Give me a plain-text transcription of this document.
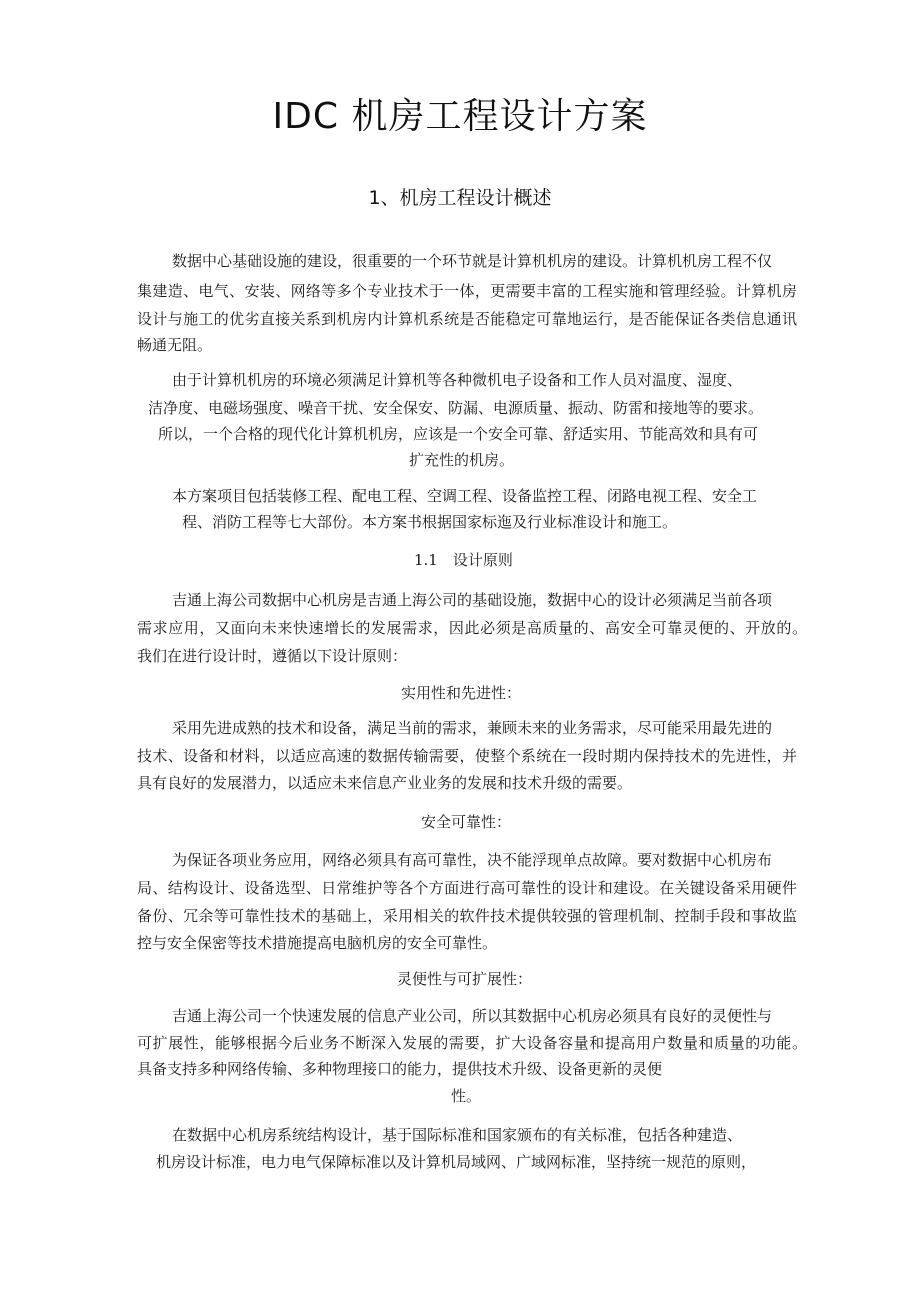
IDC 机房工程设计方案
1、机房工程设计概述
数据中心基础设施的建设，很重要的一个环节就是计算机机房的建设。计算机机房工程不仅
集建造、电气、安装、网络等多个专业技术于一体，更需要丰富的工程实施和管理经验。计算机房
设计与施工的优劣直接关系到机房内计算机系统是否能稳定可靠地运行，是否能保证各类信息通讯
畅通无阻。
由于计算机机房的环境必须满足计算机等各种微机电子设备和工作人员对温度、湿度、
洁净度、电磁场强度、噪音干扰、安全保安、防漏、电源质量、振动、防雷和接地等的要求。
所以，一个合格的现代化计算机机房，应该是一个安全可靠、舒适实用、节能高效和具有可
扩充性的机房。
本方案项目包括装修工程、配电工程、空调工程、设备监控工程、闭路电视工程、安全工
程、消防工程等七大部份。本方案书根据国家标迤及行业标准设计和施工。
1.1　设计原则
吉通上海公司数据中心机房是吉通上海公司的基础设施，数据中心的设计必须满足当前各项
需求应用，又面向未来快速增长的发展需求，因此必须是高质量的、高安全可靠灵便的、开放的。
我们在进行设计时，遵循以下设计原则：
实用性和先进性：
采用先进成熟的技术和设备，满足当前的需求，兼顾未来的业务需求，尽可能采用最先进的
技术、设备和材料，以适应高速的数据传输需要，使整个系统在一段时期内保持技术的先进性，并
具有良好的发展潜力，以适应未来信息产业业务的发展和技术升级的需要。
安全可靠性：
为保证各项业务应用，网络必须具有高可靠性，决不能浮现单点故障。要对数据中心机房布
局、结构设计、设备选型、日常维护等各个方面进行高可靠性的设计和建设。在关键设备采用硬件
备份、冗余等可靠性技术的基础上，采用相关的软件技术提供较强的管理机制、控制手段和事故监
控与安全保密等技术措施提高电脑机房的安全可靠性。
灵便性与可扩展性：
吉通上海公司一个快速发展的信息产业公司，所以其数据中心机房必须具有良好的灵便性与
可扩展性，能够根据今后业务不断深入发展的需要，扩大设备容量和提高用户数量和质量的功能。
具备支持多种网络传输、多种物理接口的能力，提供技术升级、设备更新的灵便
性。
在数据中心机房系统结构设计，基于国际标准和国家颁布的有关标准，包括各种建造、
机房设计标准，电力电气保障标准以及计算机局域网、广域网标准，坚持统一规范的原则，
